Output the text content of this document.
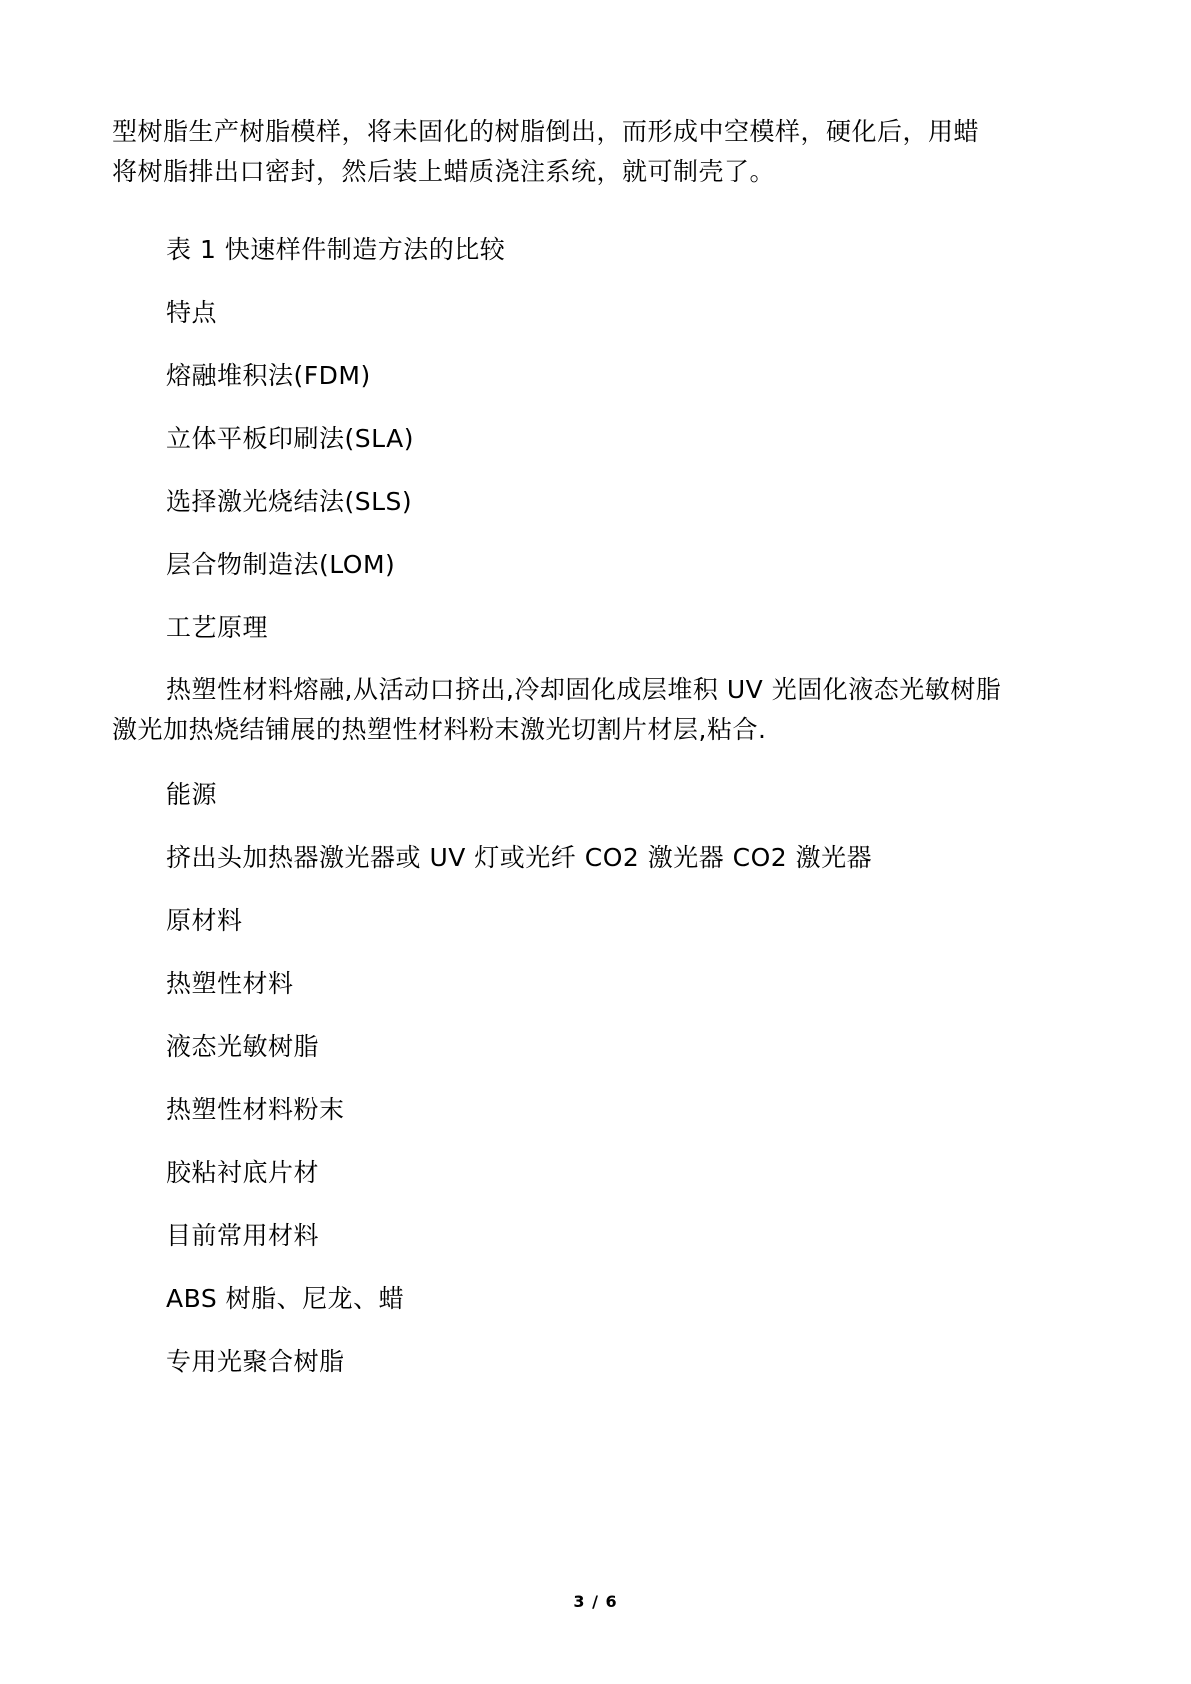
型树脂生产树脂模样，将未固化的树脂倒出，而形成中空模样，硬化后，用蜡
将树脂排出口密封，然后装上蜡质浇注系统，就可制壳了。

表 1 快速样件制造方法的比较

特点

熔融堆积法(FDM)

立体平板印刷法(SLA)

选择激光烧结法(SLS)

层合物制造法(LOM)

工艺原理

热塑性材料熔融,从活动口挤出,冷却固化成层堆积 UV 光固化液态光敏树脂
激光加热烧结铺展的热塑性材料粉末激光切割片材层,粘合.

能源

挤出头加热器激光器或 UV 灯或光纤 CO2 激光器 CO2 激光器

原材料

热塑性材料

液态光敏树脂

热塑性材料粉末

胶粘衬底片材

目前常用材料

ABS 树脂、尼龙、蜡

专用光聚合树脂

3 / 6
